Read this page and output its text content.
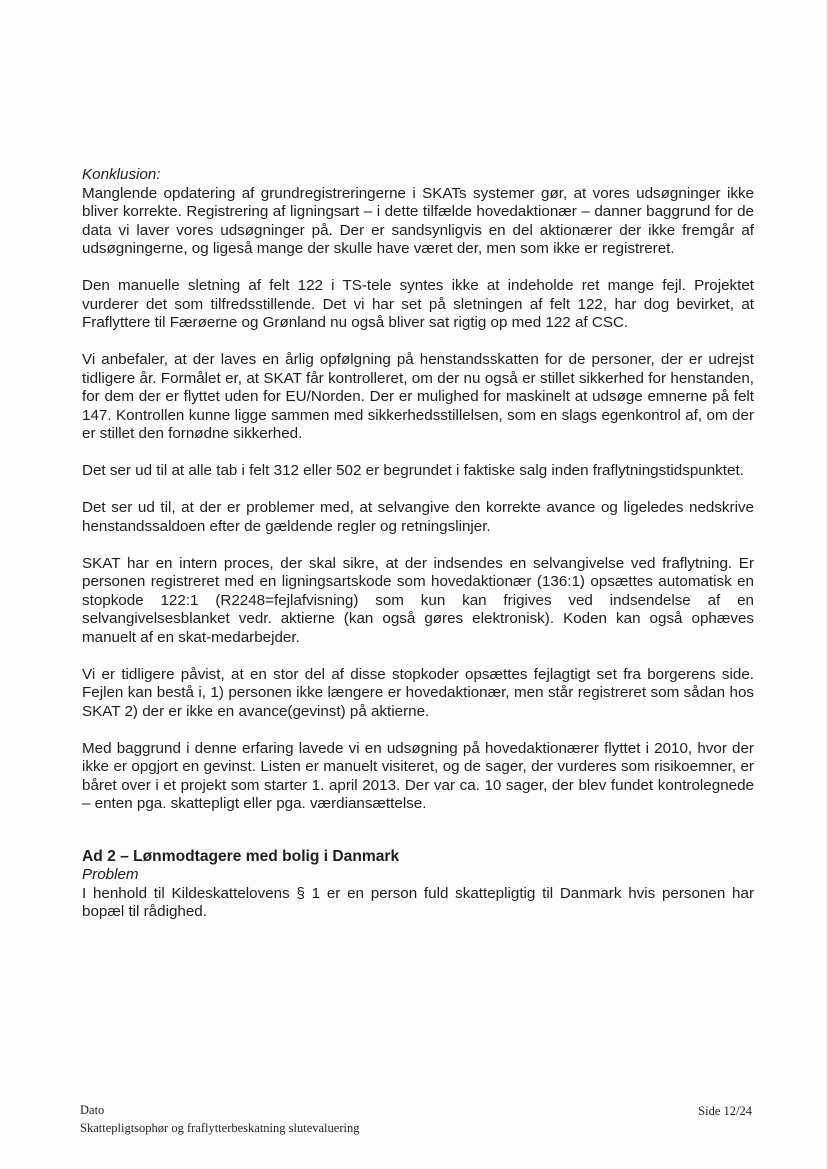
Konklusion:

Manglende opdatering af grundregistreringerne i SKATs systemer gør, at vores udsøgninger ikke bliver korrekte. Registrering af ligningsart – i dette tilfælde hovedaktionær – danner baggrund for de data vi laver vores udsøgninger på. Der er sandsynligvis en del aktionærer der ikke fremgår af udsøgningerne, og ligeså mange der skulle have været der, men som ikke er registreret.

Den manuelle sletning af felt 122 i TS-tele syntes ikke at indeholde ret mange fejl. Projektet vurderer det som tilfredsstillende. Det vi har set på sletningen af felt 122, har dog bevirket, at Fraflyttere til Færøerne og Grønland nu også bliver sat rigtig op med 122 af CSC.

Vi anbefaler, at der laves en årlig opfølgning på henstandsskatten for de personer, der er udrejst tidligere år. Formålet er, at SKAT får kontrolleret, om der nu også er stillet sikkerhed for henstanden, for dem der er flyttet uden for EU/Norden. Der er mulighed for maskinelt at udsøge emnerne på felt 147. Kontrollen kunne ligge sammen med sikkerhedsstillelsen, som en slags egenkontrol af, om der er stillet den fornødne sikkerhed.

Det ser ud til at alle tab i felt 312 eller 502 er begrundet i faktiske salg inden fraflytningstidspunktet.

Det ser ud til, at der er problemer med, at selvangive den korrekte avance og ligeledes nedskrive henstandssaldoen efter de gældende regler og retningslinjer.

SKAT har en intern proces, der skal sikre, at der indsendes en selvangivelse ved fraflytning. Er personen registreret med en ligningsartskode som hovedaktionær (136:1) opsættes automatisk en stopkode 122:1 (R2248=fejlafvisning) som kun kan frigives ved indsendelse af en selvangivelsesblanket vedr. aktierne (kan også gøres elektronisk). Koden kan også ophæves manuelt af en skat-medarbejder.

Vi er tidligere påvist, at en stor del af disse stopkoder opsættes fejlagtigt set fra borgerens side. Fejlen kan bestå i, 1) personen ikke længere er hovedaktionær, men står registreret som sådan hos SKAT 2) der er ikke en avance(gevinst) på aktierne.

Med baggrund i denne erfaring lavede vi en udsøgning på hovedaktionærer flyttet i 2010, hvor der ikke er opgjort en gevinst. Listen er manuelt visiteret, og de sager, der vurderes som risikoemner, er båret over i et projekt som starter 1. april 2013. Der var ca. 10 sager, der blev fundet kontrolegnede – enten pga. skattepligt eller pga. værdiansættelse.

Ad 2 – Lønmodtagere med bolig i Danmark
Problem

I henhold til Kildeskattelovens § 1 er en person fuld skattepligtig til Danmark hvis personen har bopæl til rådighed.

Dato
Skattepligtsophør og fraflytterbeskatning slutevaluering
Side 12/24
